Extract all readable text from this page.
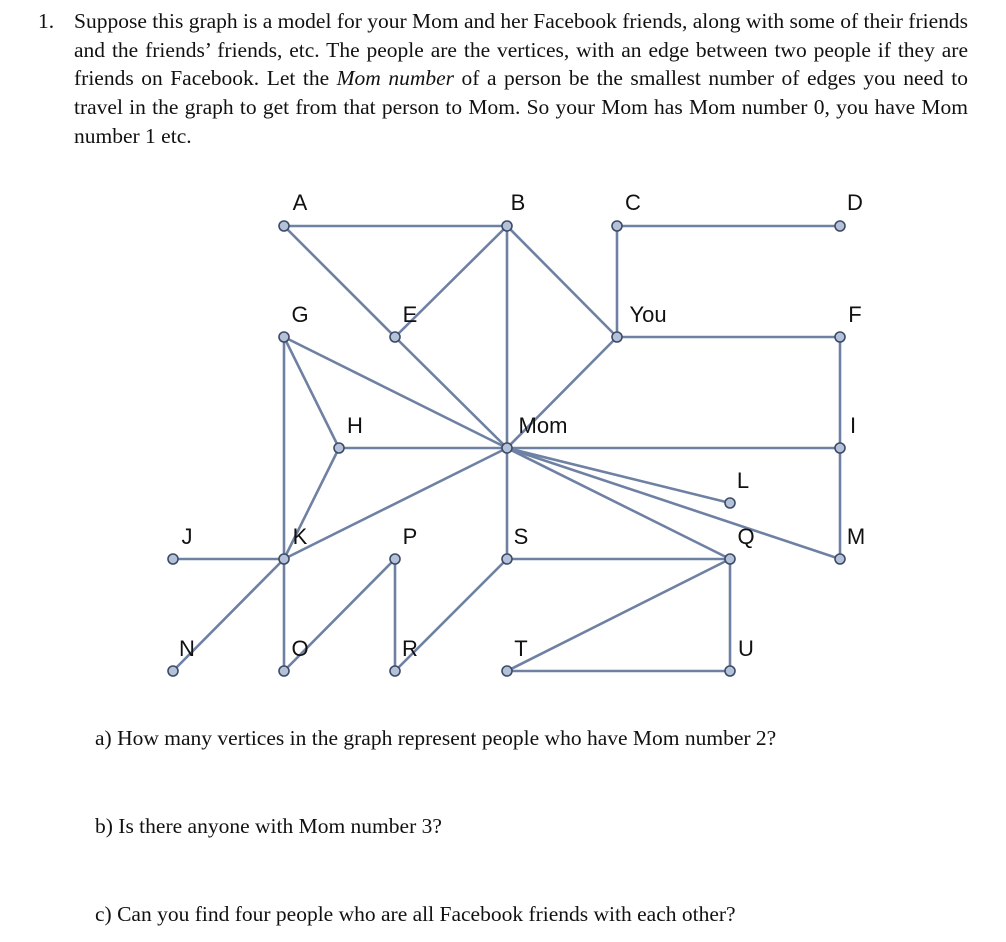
1. Suppose this graph is a model for your Mom and her Facebook friends, along with some of their friends and the friends’ friends, etc. The people are the vertices, with an edge between two people if they are friends on Facebook. Let the Mom number of a person be the smallest number of edges you need to travel in the graph to get from that person to Mom. So your Mom has Mom number 0, you have Mom number 1 etc.
A	B	C	D
G	E	You	F
H	Mom	I
L
J	K	P	S	Q	M
N	O	R	T	U
a) How many vertices in the graph represent people who have Mom number 2?
b) Is there anyone with Mom number 3?
c) Can you find four people who are all Facebook friends with each other?
